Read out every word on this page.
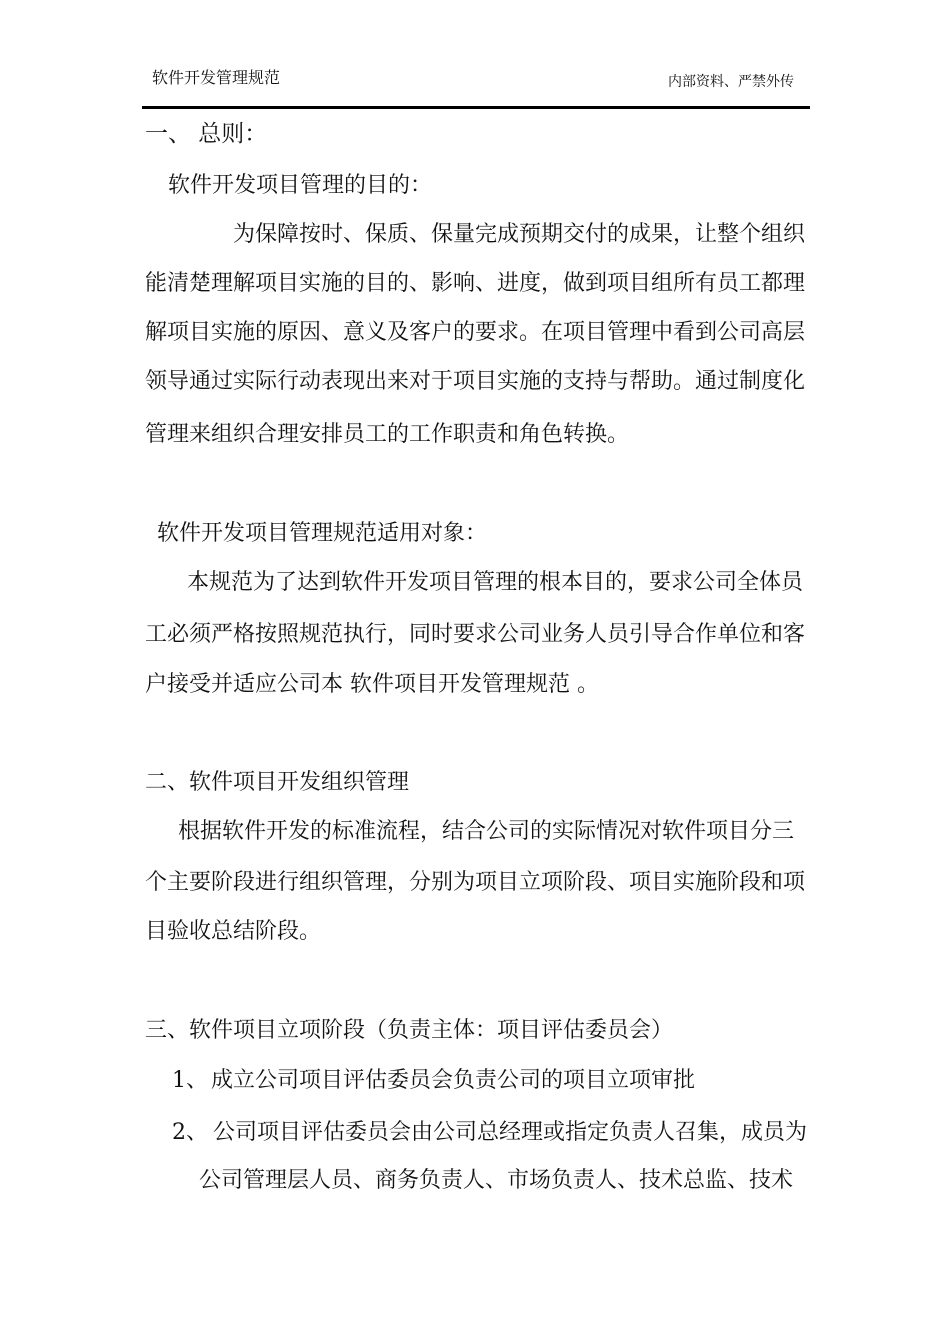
软件开发管理规范	内部资料、严禁外传
一、 总则：
软件开发项目管理的目的：
为保障按时、保质、保量完成预期交付的成果，让整个组织
能清楚理解项目实施的目的、影响、进度，做到项目组所有员工都理
解项目实施的原因、意义及客户的要求。在项目管理中看到公司高层
领导通过实际行动表现出来对于项目实施的支持与帮助。通过制度化
管理来组织合理安排员工的工作职责和角色转换。
软件开发项目管理规范适用对象：
本规范为了达到软件开发项目管理的根本目的，要求公司全体员
工必须严格按照规范执行，同时要求公司业务人员引导合作单位和客
户接受并适应公司本 软件项目开发管理规范 。
二、软件项目开发组织管理
根据软件开发的标准流程，结合公司的实际情况对软件项目分三
个主要阶段进行组织管理，分别为项目立项阶段、项目实施阶段和项
目验收总结阶段。
三、软件项目立项阶段（负责主体：项目评估委员会）
1、 成立公司项目评估委员会负责公司的项目立项审批
2、 公司项目评估委员会由公司总经理或指定负责人召集，成员为
公司管理层人员、商务负责人、市场负责人、技术总监、技术
